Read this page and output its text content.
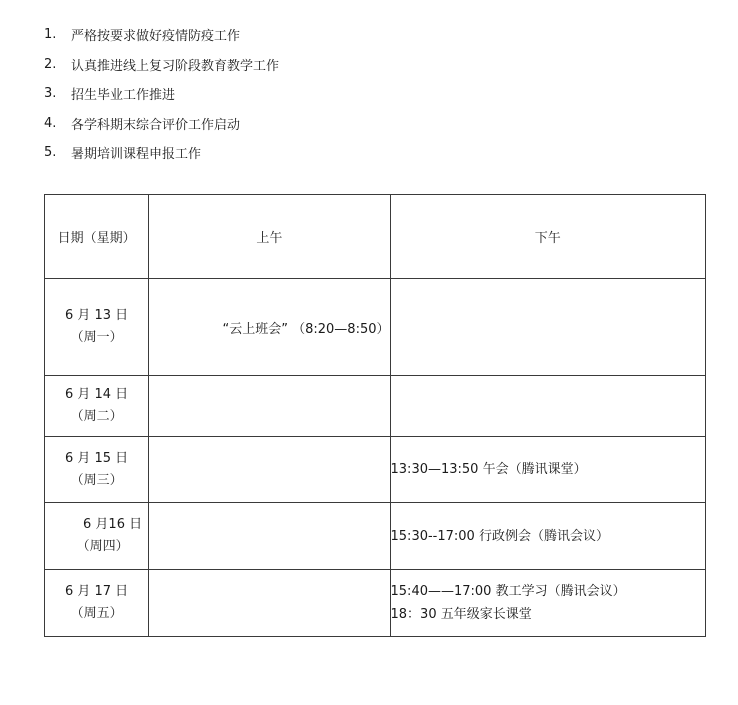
1.	严格按要求做好疫情防疫工作
2.	认真推进线上复习阶段教育教学工作
3.	招生毕业工作推进
4.	各学科期末综合评价工作启动
5.	暑期培训课程申报工作
日期（星期）	上午	下午

6 月 13 日
（周一）	“云上班会” （8:20—8:50）	

6 月 14 日
（周二）		

6 月 15 日
（周三）		13:30—13:50 午会（腾讯课堂）

6 月16 日
（周四）		15:30--17:00 行政例会（腾讯会议）

6 月 17 日
（周五）		15:40——17:00 教工学习（腾讯会议）
18：30 五年级家长课堂
